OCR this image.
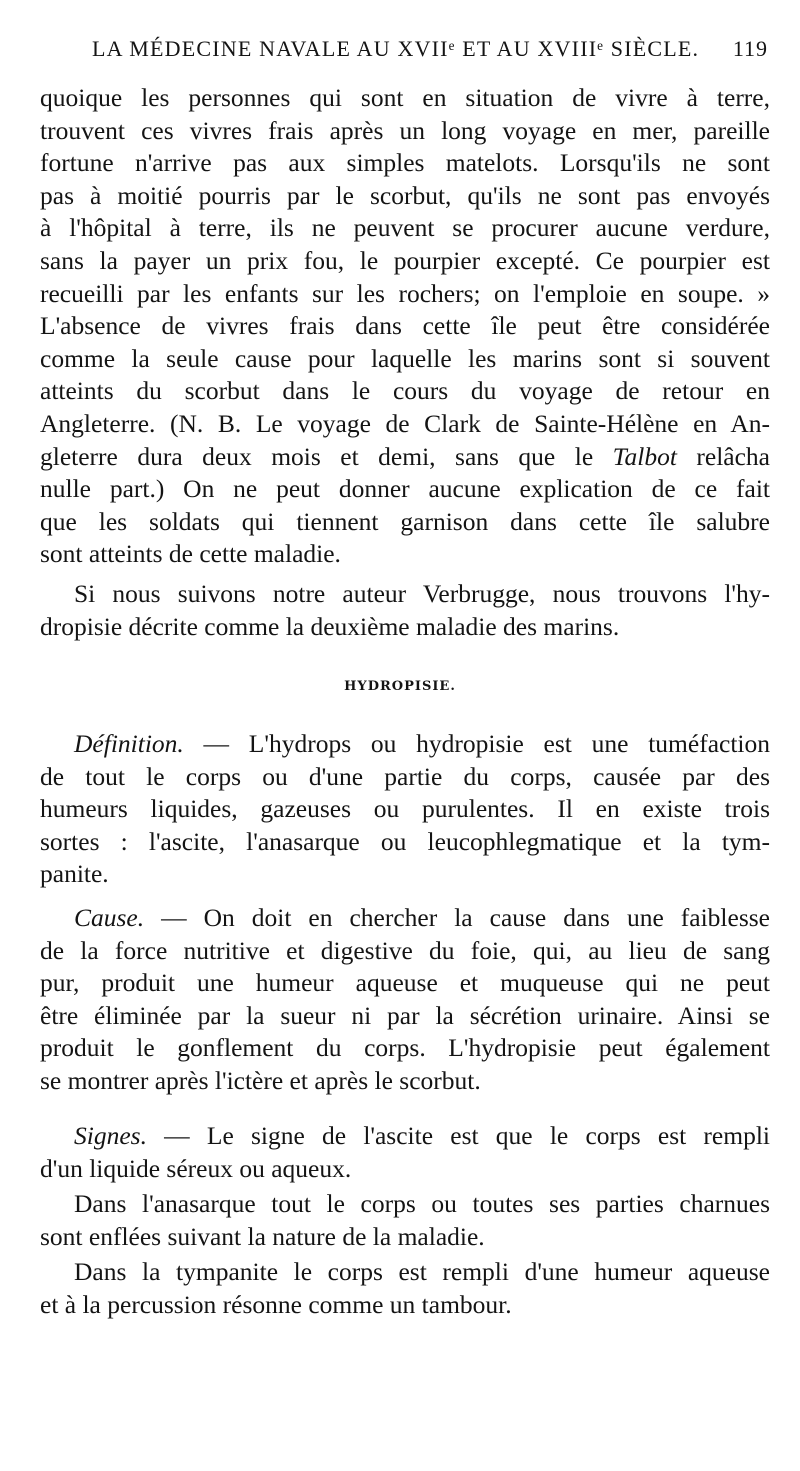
LA MÉDECINE NAVALE AU XVIIᵉ ET AU XVIIIᵉ SIÈCLE. 119
quoique les personnes qui sont en situation de vivre à terre,
trouvent ces vivres frais après un long voyage en mer, pareille
fortune n'arrive pas aux simples matelots. Lorsqu'ils ne sont
pas à moitié pourris par le scorbut, qu'ils ne sont pas envoyés
à l'hôpital à terre, ils ne peuvent se procurer aucune verdure,
sans la payer un prix fou, le pourpier excepté. Ce pourpier est
recueilli par les enfants sur les rochers; on l'emploie en soupe. »
L'absence de vivres frais dans cette île peut être considérée
comme la seule cause pour laquelle les marins sont si souvent
atteints du scorbut dans le cours du voyage de retour en
Angleterre. (N. B. Le voyage de Clark de Sainte-Hélène en An-
gleterre dura deux mois et demi, sans que le Talbot relâcha
nulle part.) On ne peut donner aucune explication de ce fait
que les soldats qui tiennent garnison dans cette île salubre
sont atteints de cette maladie.
Si nous suivons notre auteur Verbrugge, nous trouvons l'hy-
dropisie décrite comme la deuxième maladie des marins.
HYDROPISIE.
Définition. — L'hydrops ou hydropisie est une tuméfaction
de tout le corps ou d'une partie du corps, causée par des
humeurs liquides, gazeuses ou purulentes. Il en existe trois
sortes : l'ascite, l'anasarque ou leucophlegmatique et la tym-
panite.
Cause. — On doit en chercher la cause dans une faiblesse
de la force nutritive et digestive du foie, qui, au lieu de sang
pur, produit une humeur aqueuse et muqueuse qui ne peut
être éliminée par la sueur ni par la sécrétion urinaire. Ainsi se
produit le gonflement du corps. L'hydropisie peut également
se montrer après l'ictère et après le scorbut.
Signes. — Le signe de l'ascite est que le corps est rempli
d'un liquide séreux ou aqueux.
Dans l'anasarque tout le corps ou toutes ses parties charnues
sont enflées suivant la nature de la maladie.
Dans la tympanite le corps est rempli d'une humeur aqueuse
et à la percussion résonne comme un tambour.
